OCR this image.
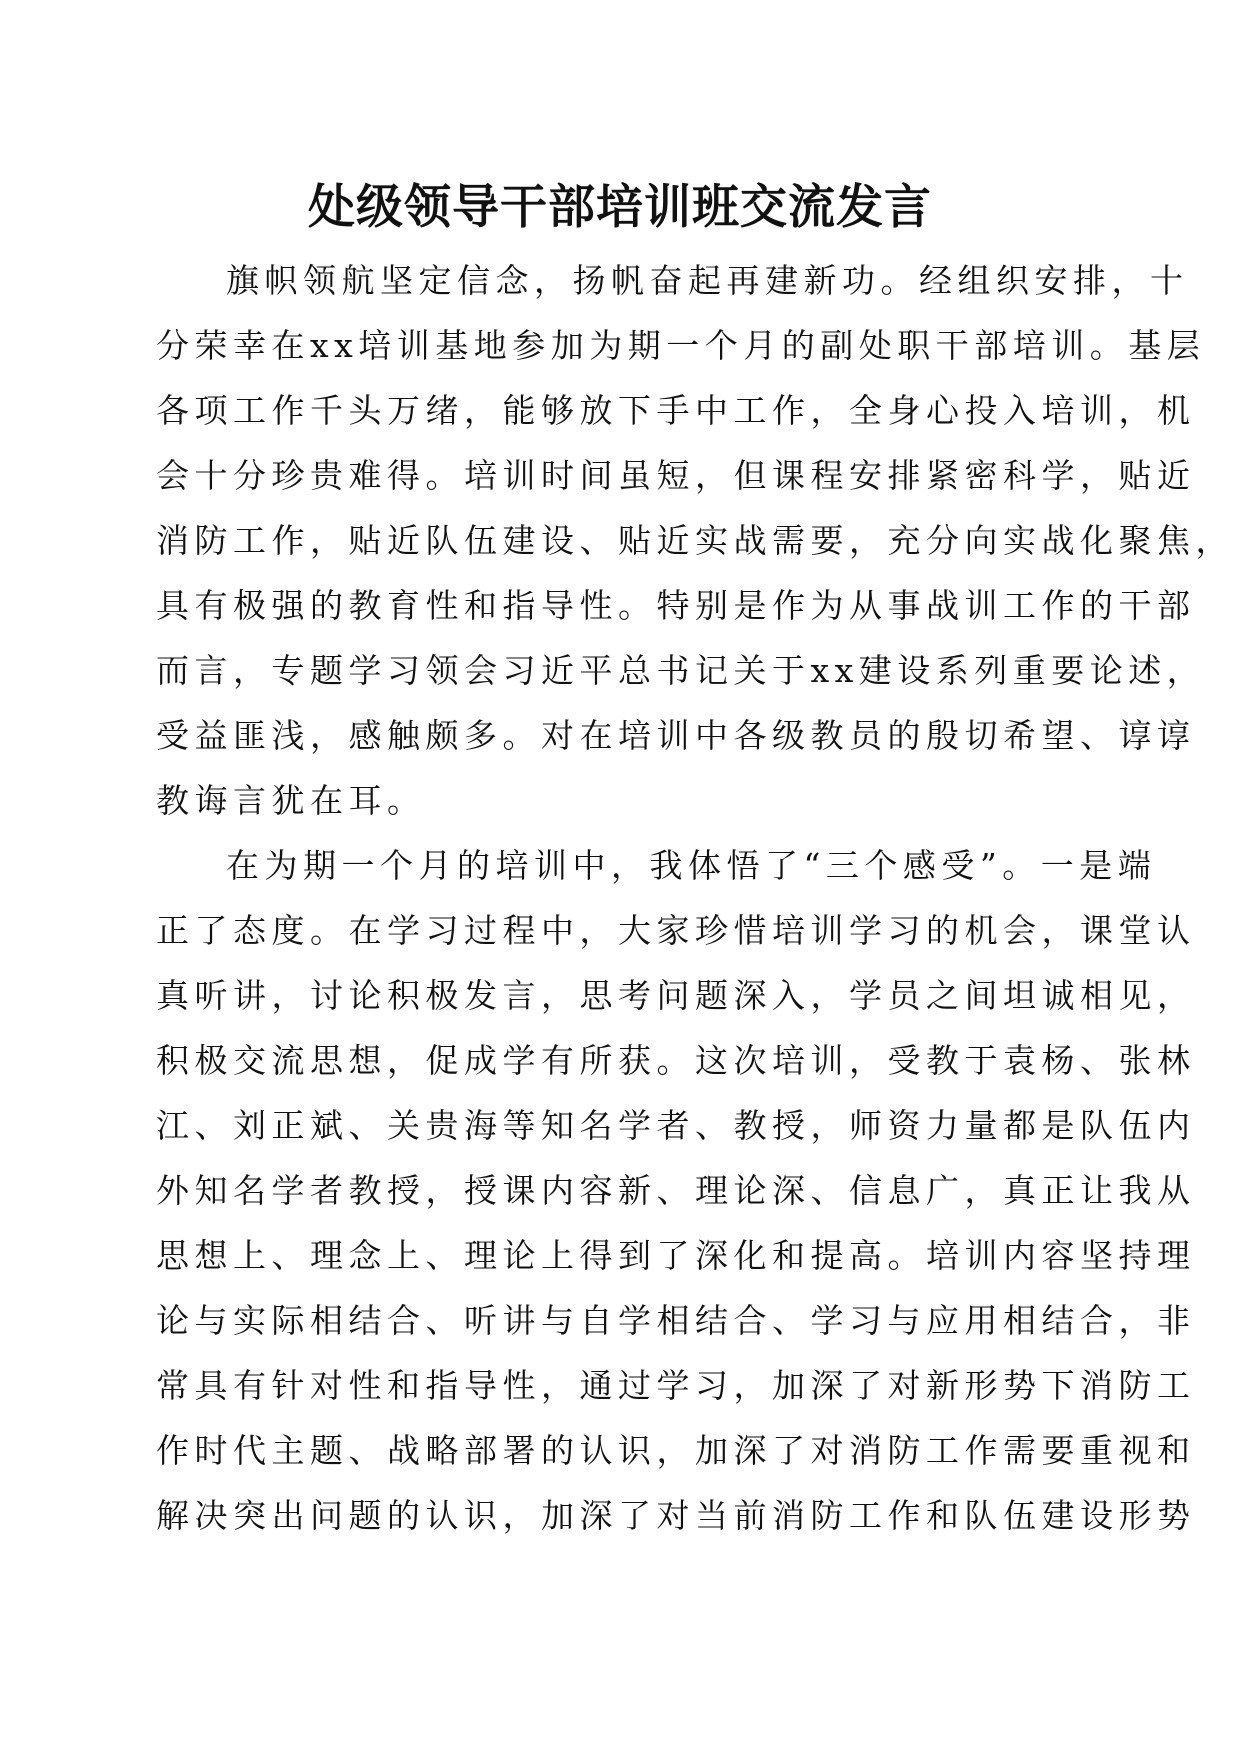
处级领导干部培训班交流发言
旗帜领航坚定信念，扬帆奋起再建新功。经组织安排，十
分荣幸在xx培训基地参加为期一个月的副处职干部培训。基层
各项工作千头万绪，能够放下手中工作，全身心投入培训，机
会十分珍贵难得。培训时间虽短，但课程安排紧密科学，贴近
消防工作，贴近队伍建设、贴近实战需要，充分向实战化聚焦，
具有极强的教育性和指导性。特别是作为从事战训工作的干部
而言，专题学习领会习近平总书记关于xx建设系列重要论述，
受益匪浅，感触颇多。对在培训中各级教员的殷切希望、谆谆
教诲言犹在耳。
在为期一个月的培训中，我体悟了“三个感受”。一是端
正了态度。在学习过程中，大家珍惜培训学习的机会，课堂认
真听讲，讨论积极发言，思考问题深入，学员之间坦诚相见，
积极交流思想，促成学有所获。这次培训，受教于袁杨、张林
江、刘正斌、关贵海等知名学者、教授，师资力量都是队伍内
外知名学者教授，授课内容新、理论深、信息广，真正让我从
思想上、理念上、理论上得到了深化和提高。培训内容坚持理
论与实际相结合、听讲与自学相结合、学习与应用相结合，非
常具有针对性和指导性，通过学习，加深了对新形势下消防工
作时代主题、战略部署的认识，加深了对消防工作需要重视和
解决突出问题的认识，加深了对当前消防工作和队伍建设形势
